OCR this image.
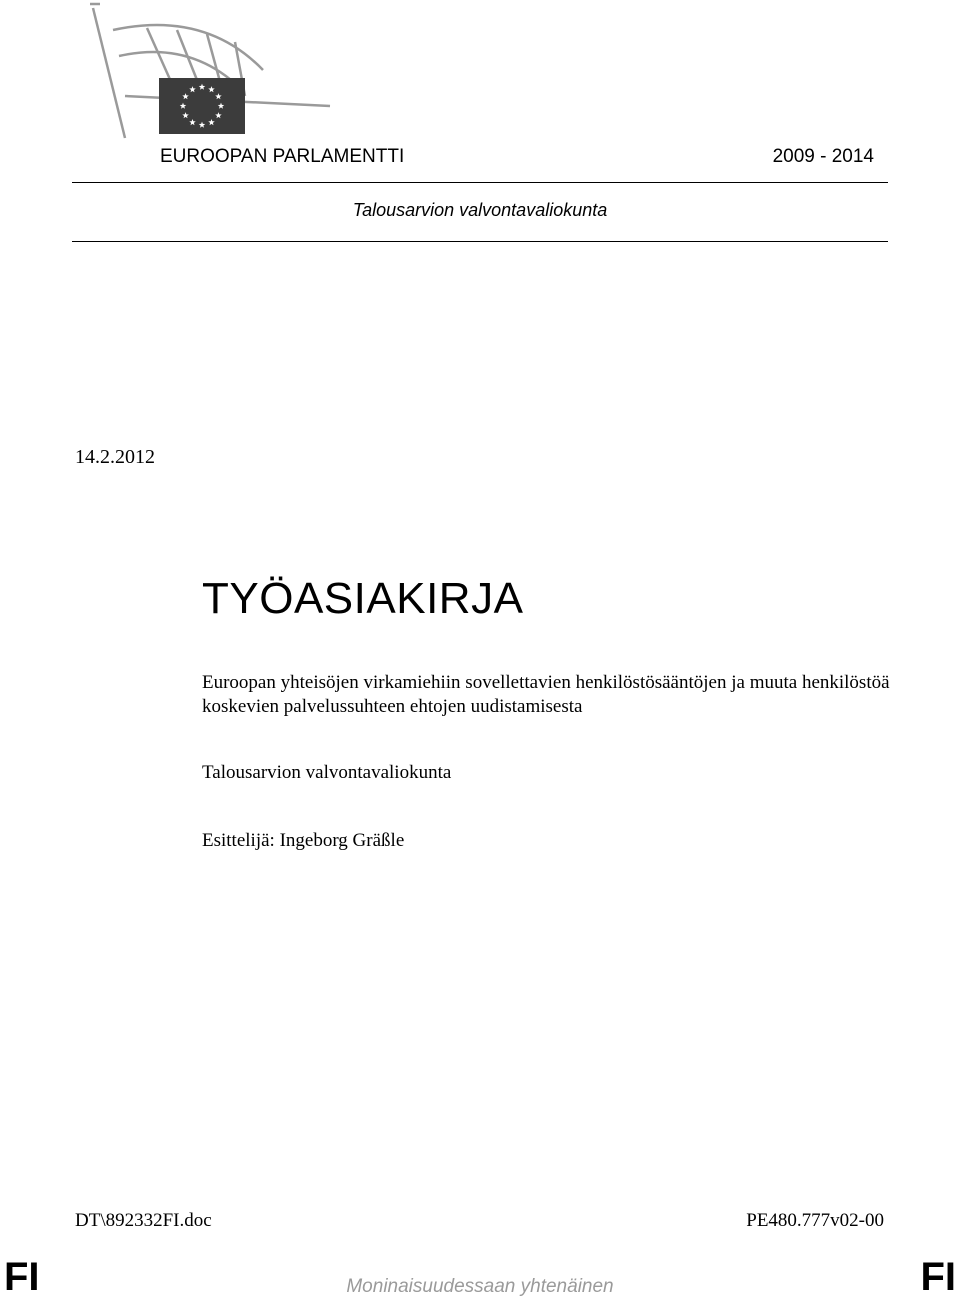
EUROOPAN PARLAMENTTI	2009 - 2014
Talousarvion valvontavaliokunta
14.2.2012
TYÖASIAKIRJA
Euroopan yhteisöjen virkamiehiin sovellettavien henkilöstösääntöjen ja muuta henkilöstöä koskevien palvelussuhteen ehtojen uudistamisesta
Talousarvion valvontavaliokunta
Esittelijä: Ingeborg Gräßle
DT\892332FI.doc	PE480.777v02-00
FI	Moninaisuudessaan yhtenäinen	FI
